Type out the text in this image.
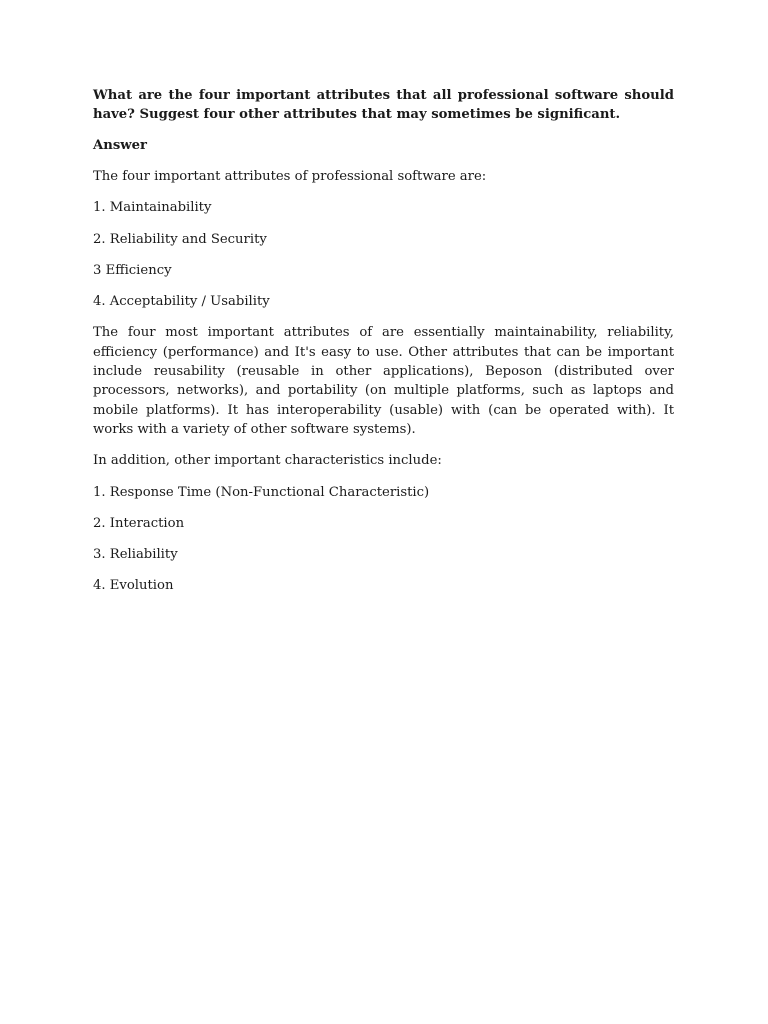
What are the four important attributes that all professional software should have? Suggest four other attributes that may sometimes be significant.

Answer

The four important attributes of professional software are:

1. Maintainability

2. Reliability and Security

3 Efficiency

4. Acceptability / Usability

The four most important attributes of are essentially maintainability, reliability, efficiency (performance) and It's easy to use. Other attributes that can be important include reusability (reusable in other applications), Beposon (distributed over processors, networks), and portability (on multiple platforms, such as laptops and mobile platforms). It has interoperability (usable) with (can be operated with). It works with a variety of other software systems).

In addition, other important characteristics include:

1. Response Time (Non-Functional Characteristic)

2. Interaction

3. Reliability

4. Evolution
